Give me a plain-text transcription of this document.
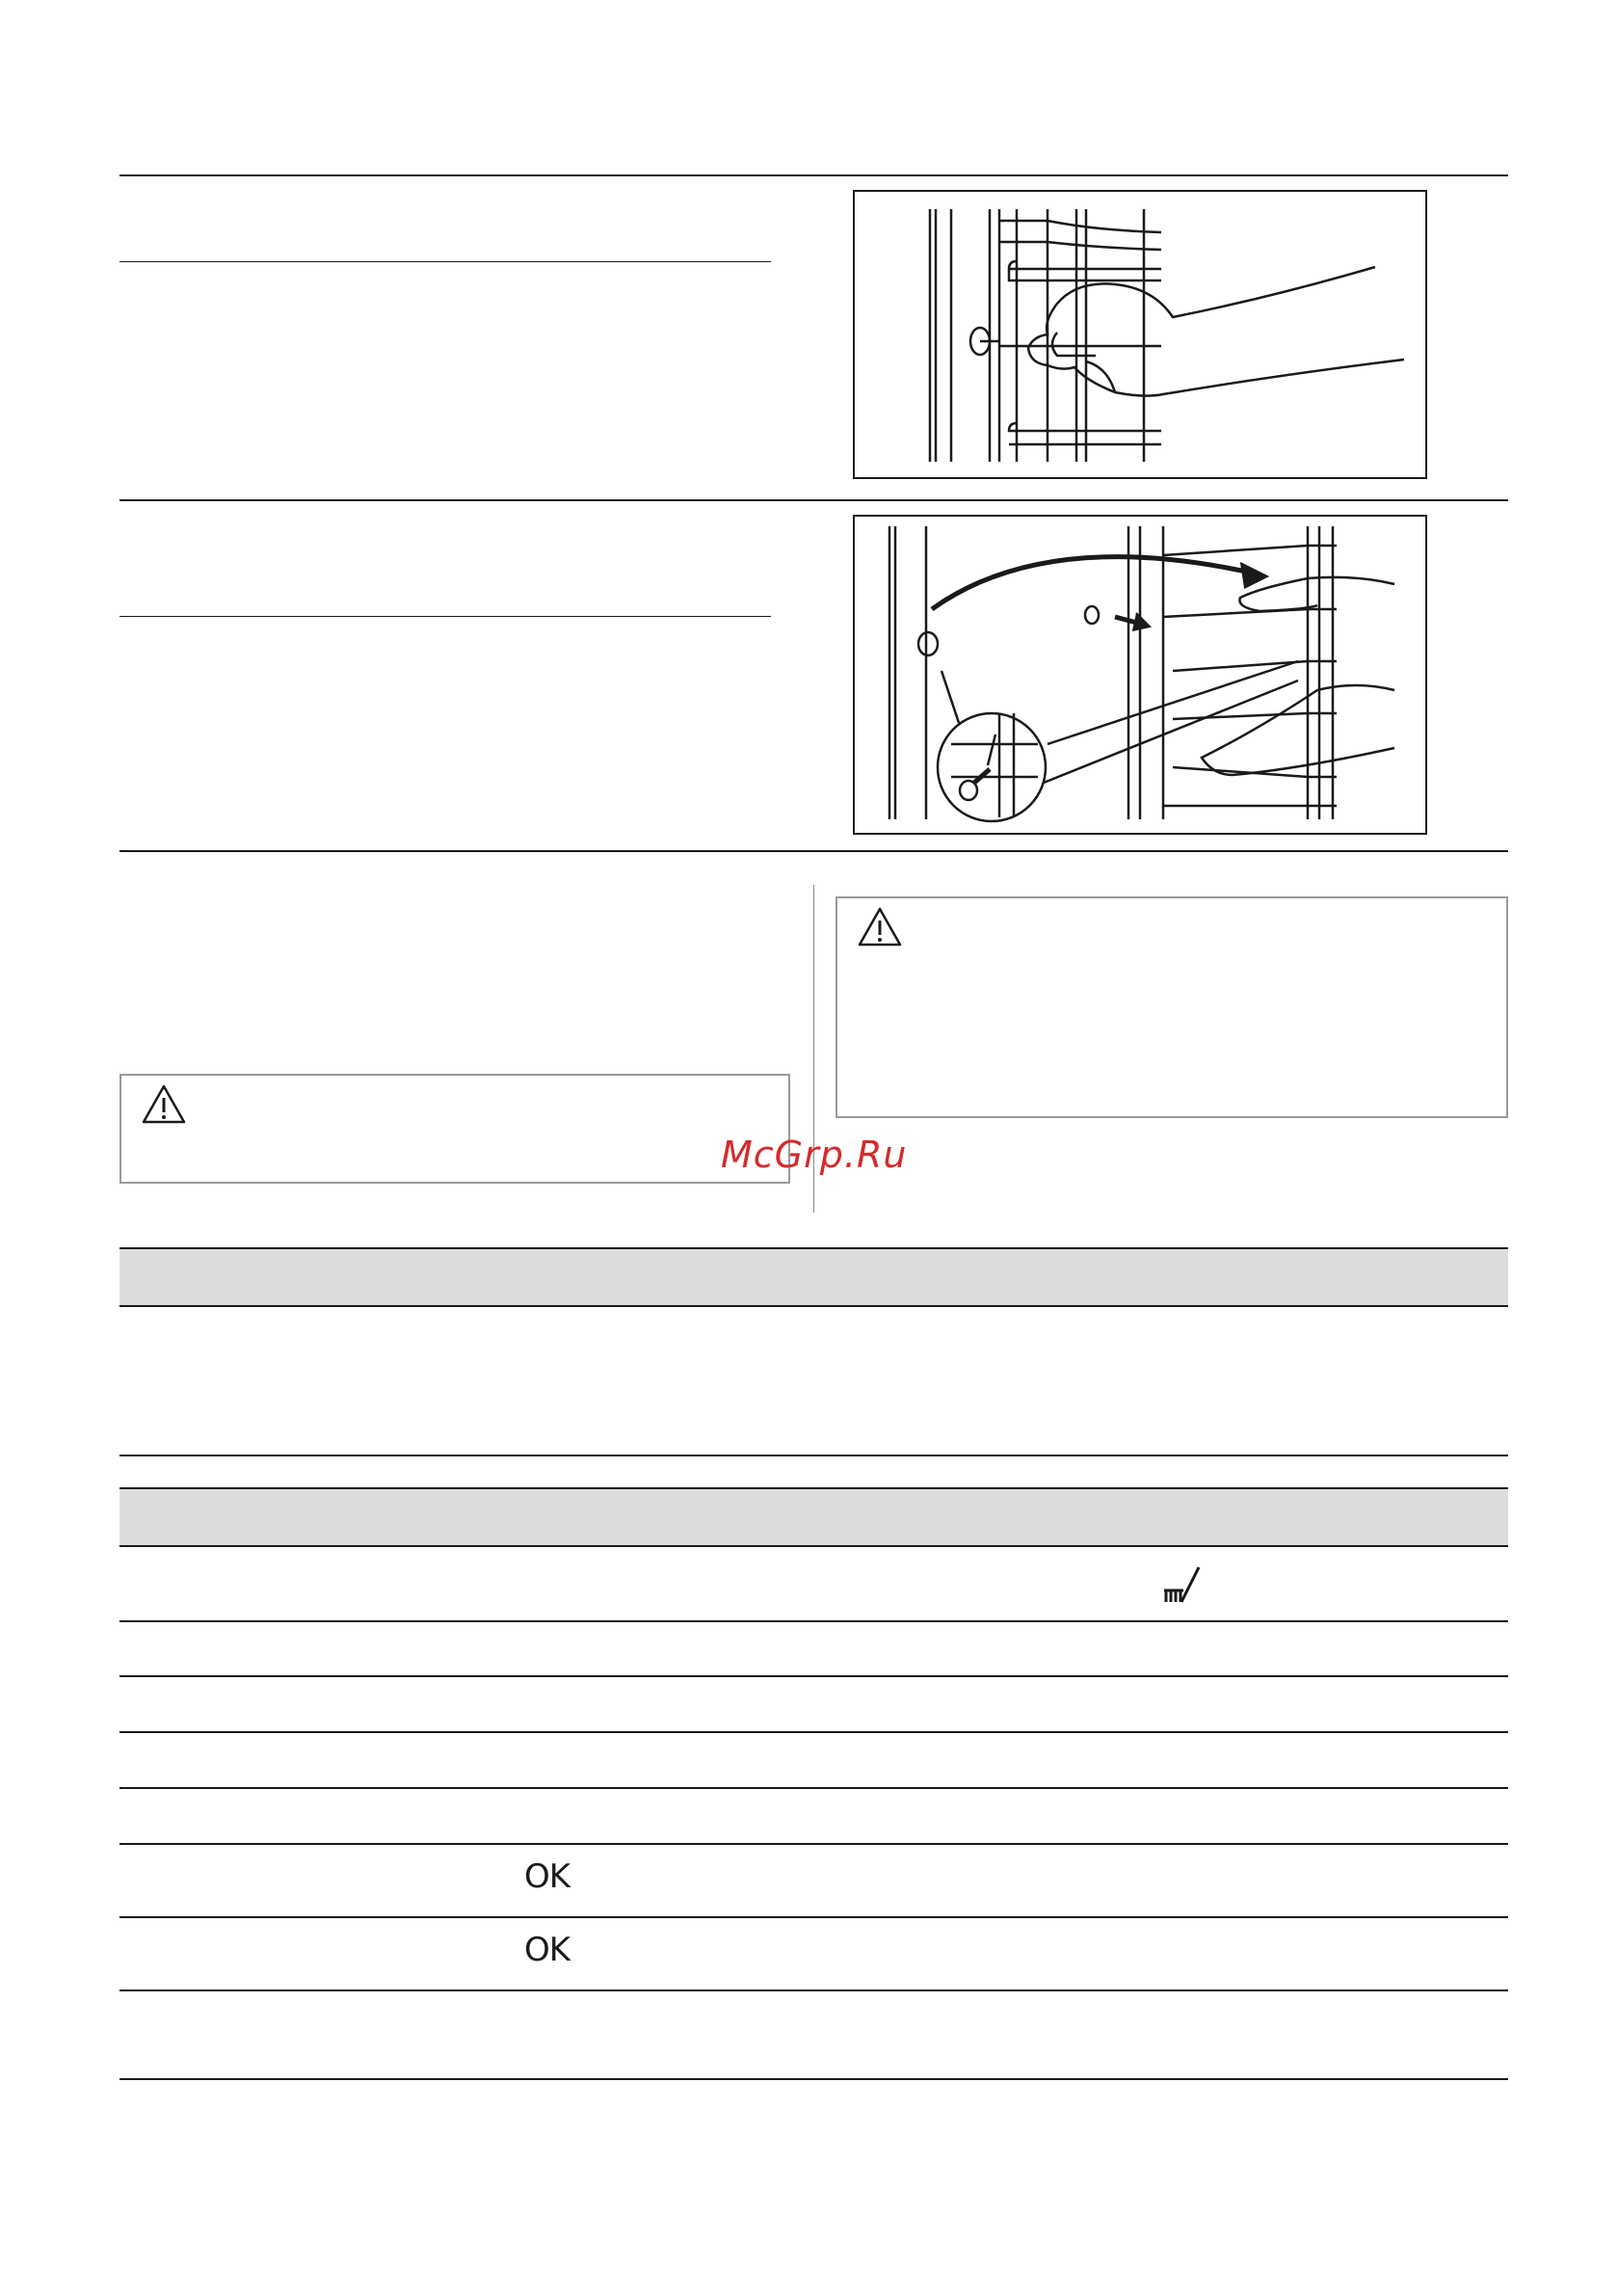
McGrp.Ru
OK
OK
